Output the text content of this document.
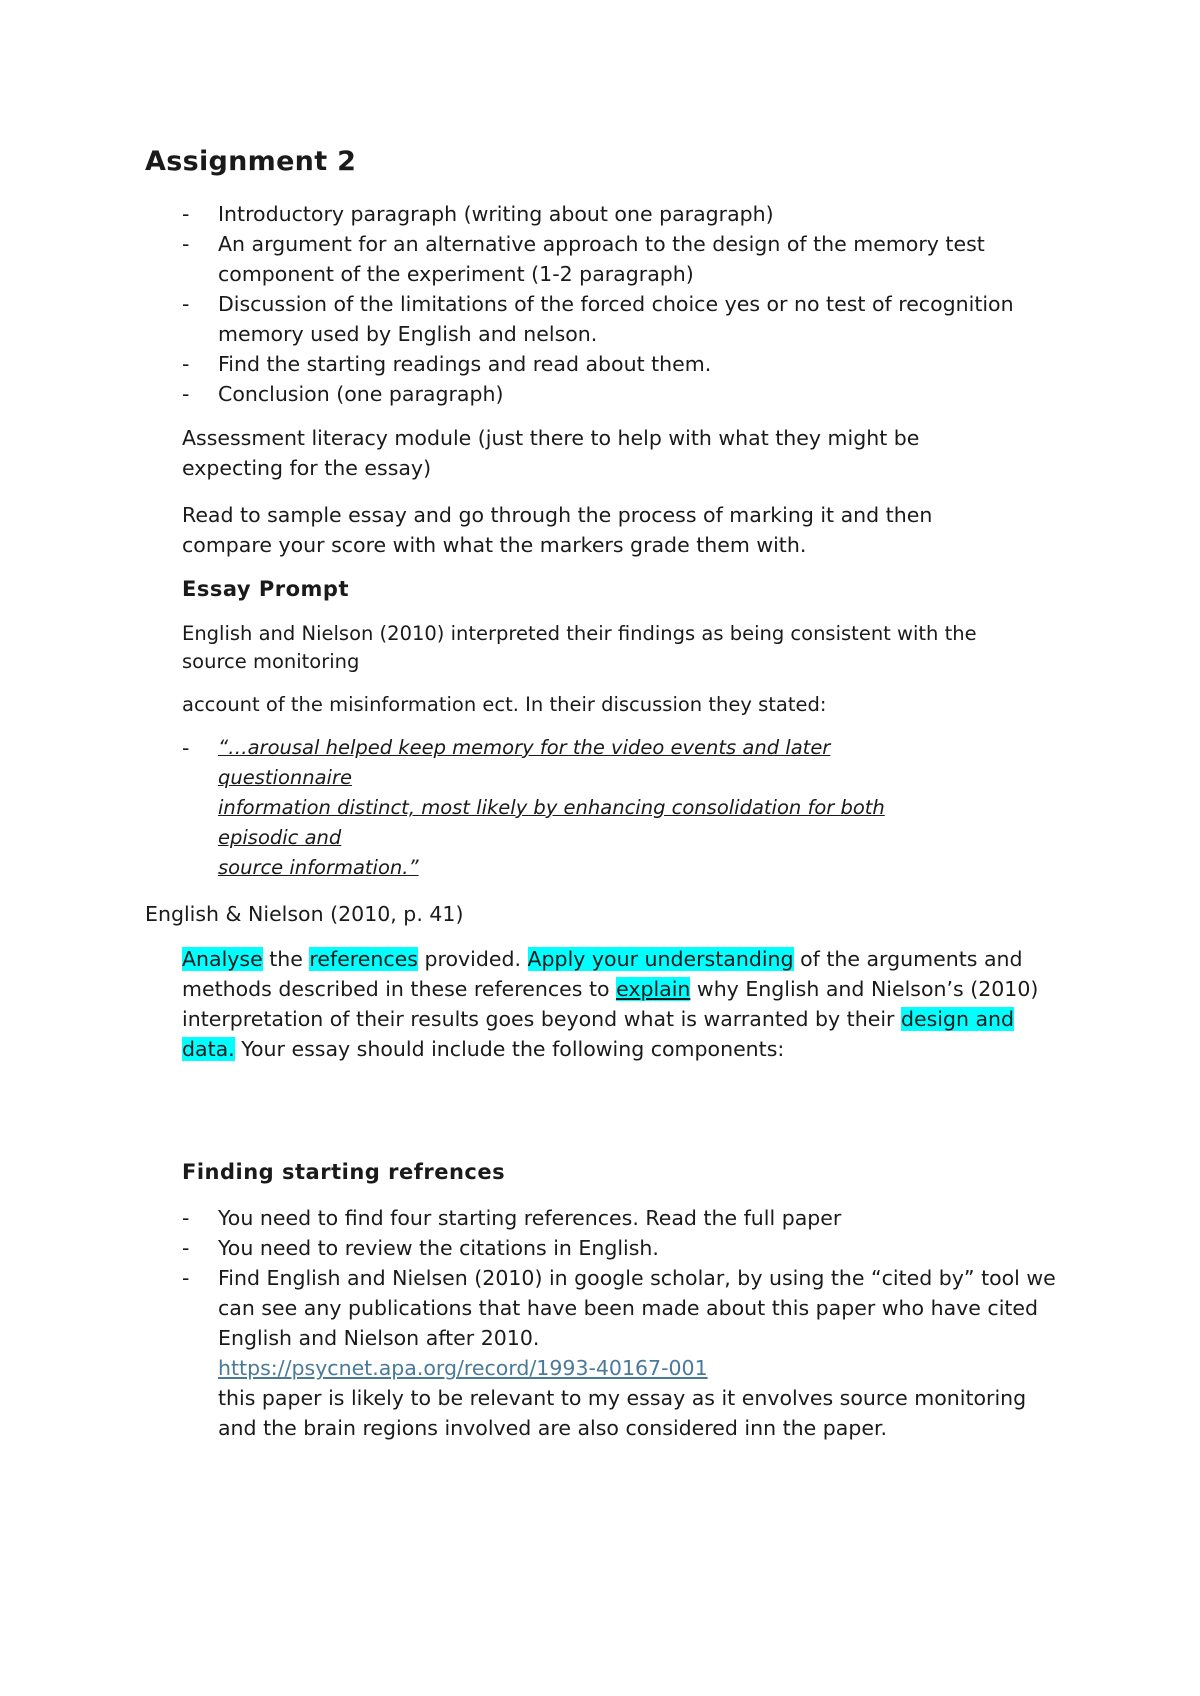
Assignment 2
- Introductory paragraph (writing about one paragraph)
- An argument for an alternative approach to the design of the memory test component of the experiment (1-2 paragraph)
- Discussion of the limitations of the forced choice yes or no test of recognition memory used by English and nelson.
- Find the starting readings and read about them.
- Conclusion (one paragraph)

Assessment literacy module (just there to help with what they might be expecting for the essay)

Read to sample essay and go through the process of marking it and then compare your score with what the markers grade them with.

Essay Prompt

English and Nielson (2010) interpreted their findings as being consistent with the source monitoring

account of the misinformation ect. In their discussion they stated:

- “…arousal helped keep memory for the video events and later
questionnaire
information distinct, most likely by enhancing consolidation for both
episodic and
source information.”

English & Nielson (2010, p. 41)

Analyse the references provided. Apply your understanding of the arguments and methods described in these references to explain why English and Nielson’s (2010) interpretation of their results goes beyond what is warranted by their design and data. Your essay should include the following components:

Finding starting refrences
- You need to find four starting references. Read the full paper
- You need to review the citations in English.
- Find English and Nielsen (2010) in google scholar, by using the “cited by” tool we can see any publications that have been made about this paper who have cited English and Nielson after 2010.
https://psycnet.apa.org/record/1993-40167-001
this paper is likely to be relevant to my essay as it envolves source monitoring and the brain regions involved are also considered inn the paper.
